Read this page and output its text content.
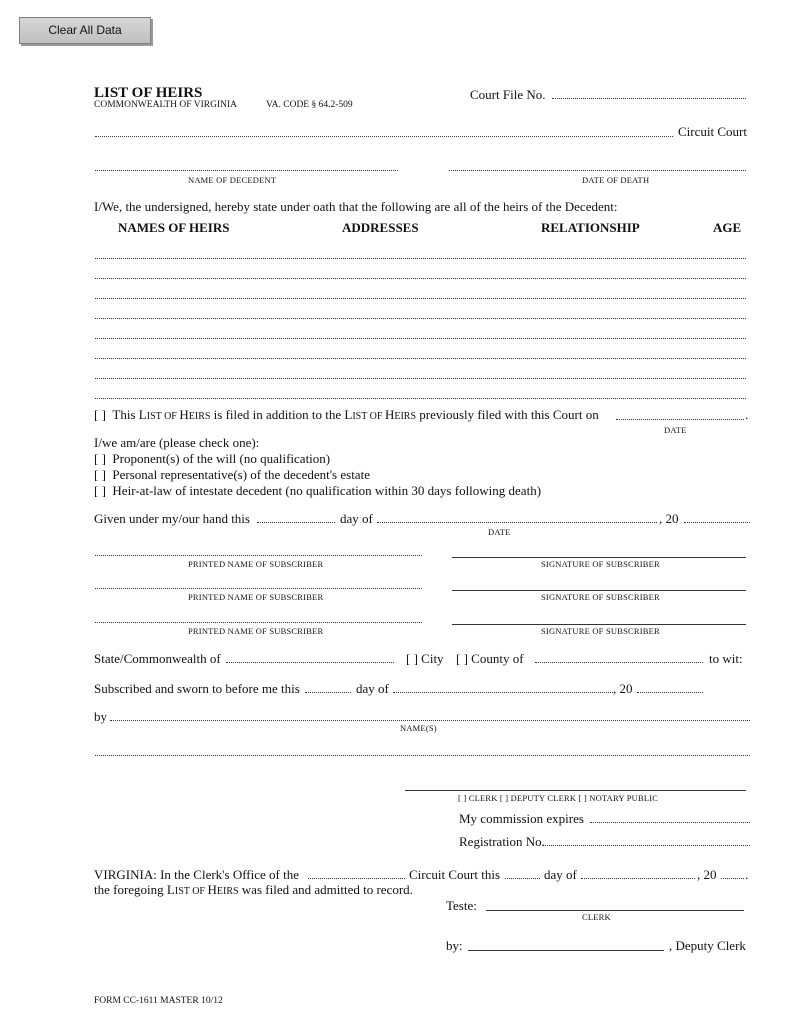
Clear All Data
LIST OF HEIRS
COMMONWEALTH OF VIRGINIA	VA. CODE § 64.2-509
Court File No.
Circuit Court
NAME OF DECEDENT	DATE OF DEATH
I/We, the undersigned, hereby state under oath that the following are all of the heirs of the Decedent:
NAMES OF HEIRS	ADDRESSES	RELATIONSHIP	AGE
[ ] This LIST OF HEIRS is filed in addition to the LIST OF HEIRS previously filed with this Court on	.
DATE
I/we am/are (please check one):
[ ] Proponent(s) of the will (no qualification)
[ ] Personal representative(s) of the decedent's estate
[ ] Heir-at-law of intestate decedent (no qualification within 30 days following death)
Given under my/our hand this	day of	, 20
DATE
PRINTED NAME OF SUBSCRIBER	SIGNATURE OF SUBSCRIBER
PRINTED NAME OF SUBSCRIBER	SIGNATURE OF SUBSCRIBER
PRINTED NAME OF SUBSCRIBER	SIGNATURE OF SUBSCRIBER
State/Commonwealth of	[ ] City [ ] County of	to wit:
Subscribed and sworn to before me this	day of	, 20
by
NAME(S)
[ ] CLERK [ ] DEPUTY CLERK [ ] NOTARY PUBLIC
My commission expires
Registration No.
VIRGINIA: In the Clerk's Office of the	Circuit Court this	day of	, 20 .
the foregoing LIST OF HEIRS was filed and admitted to record.
Teste:
CLERK
by:	, Deputy Clerk
FORM CC-1611 MASTER 10/12
